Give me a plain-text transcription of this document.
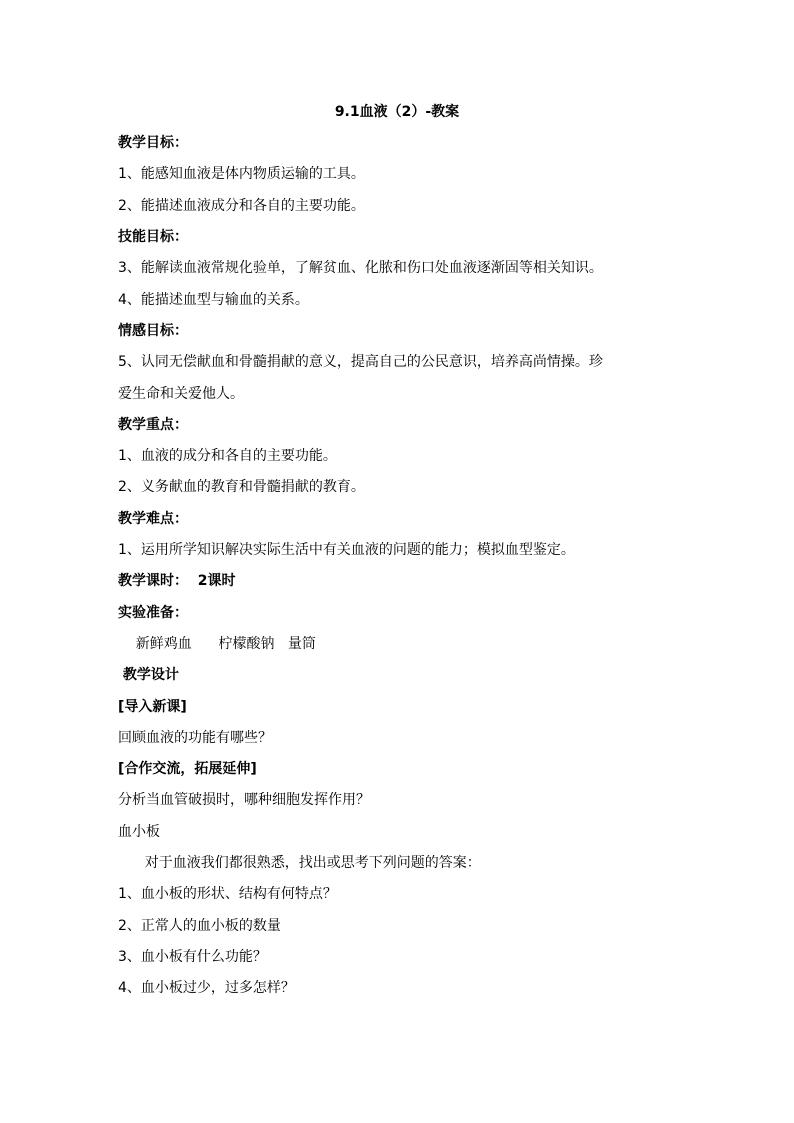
9.1血液（2）-教案
教学目标：
1、能感知血液是体内物质运输的工具。
2、能描述血液成分和各自的主要功能。
技能目标：
3、能解读血液常规化验单，了解贫血、化脓和伤口处血液逐渐固等相关知识。
4、能描述血型与输血的关系。
情感目标：
5、认同无偿献血和骨髓捐献的意义，提高自己的公民意识，培养高尚情操。珍
爱生命和关爱他人。
教学重点：
1、血液的成分和各自的主要功能。
2、义务献血的教育和骨髓捐献的教育。
教学难点：
1、运用所学知识解决实际生活中有关血液的问题的能力；模拟血型鉴定。
教学课时：  2课时
实验准备：
新鲜鸡血      柠檬酸钠   量筒
教学设计
[导入新课]
回顾血液的功能有哪些？
[合作交流，拓展延伸]
分析当血管破损时，哪种细胞发挥作用？
血小板
对于血液我们都很熟悉，找出或思考下列问题的答案：
1、血小板的形状、结构有何特点？
2、正常人的血小板的数量
3、血小板有什么功能？
4、血小板过少，过多怎样？
